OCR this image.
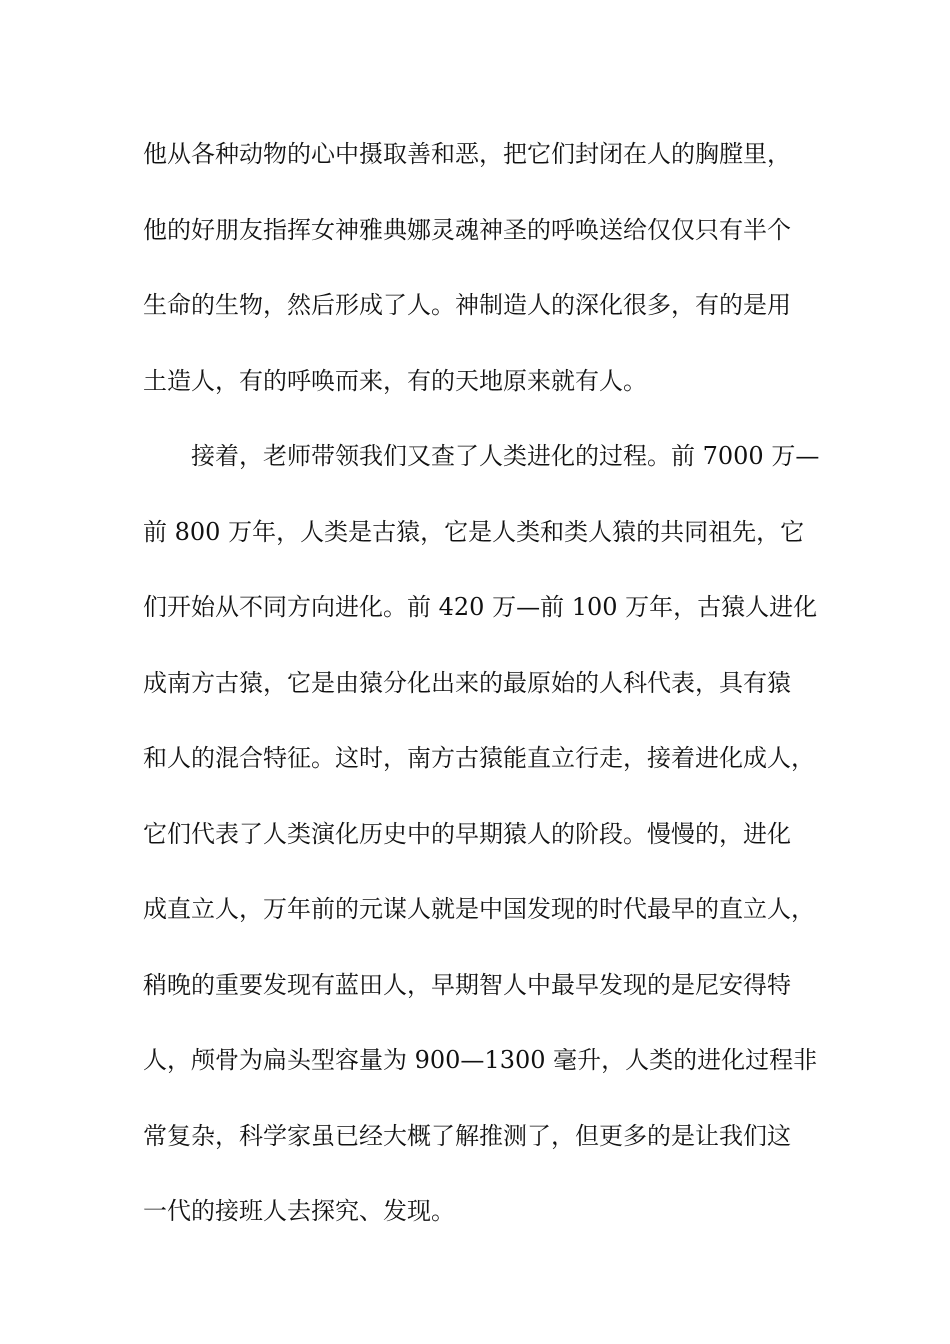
他从各种动物的心中摄取善和恶，把它们封闭在人的胸膛里，
他的好朋友指挥女神雅典娜灵魂神圣的呼唤送给仅仅只有半个
生命的生物，然后形成了人。神制造人的深化很多，有的是用
土造人，有的呼唤而来，有的天地原来就有人。
接着，老师带领我们又查了人类进化的过程。前 7000 万—
前 800 万年，人类是古猿，它是人类和类人猿的共同祖先，它
们开始从不同方向进化。前 420 万—前 100 万年，古猿人进化
成南方古猿，它是由猿分化出来的最原始的人科代表，具有猿
和人的混合特征。这时，南方古猿能直立行走，接着进化成人，
它们代表了人类演化历史中的早期猿人的阶段。慢慢的，进化
成直立人，万年前的元谋人就是中国发现的时代最早的直立人，
稍晚的重要发现有蓝田人，早期智人中最早发现的是尼安得特
人，颅骨为扁头型容量为 900—1300 毫升，人类的进化过程非
常复杂，科学家虽已经大概了解推测了，但更多的是让我们这
一代的接班人去探究、发现。
